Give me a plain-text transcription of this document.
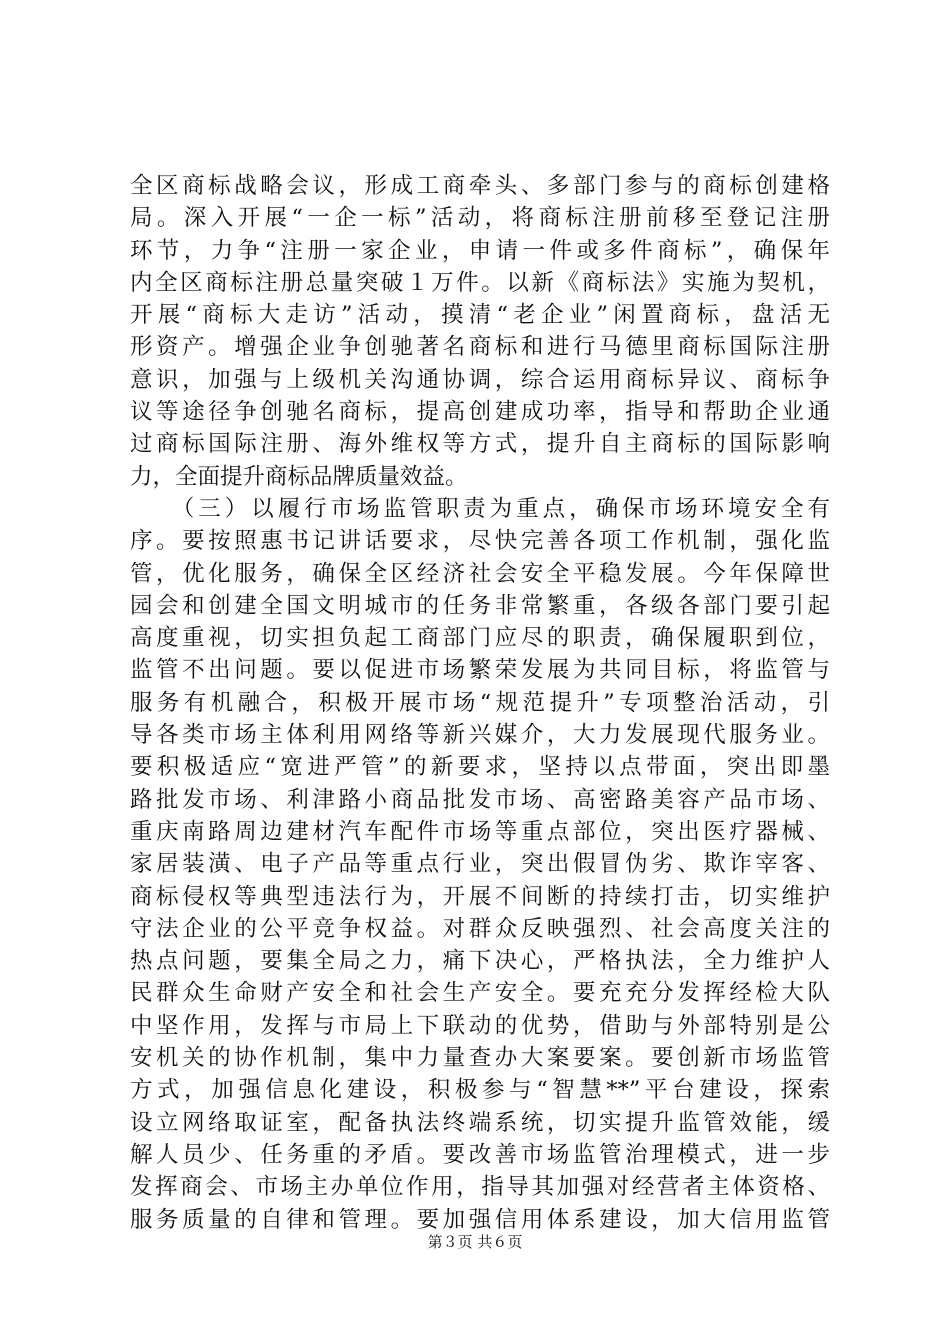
全区商标战略会议，形成工商牵头、多部门参与的商标创建格
局。深入开展“一企一标”活动，将商标注册前移至登记注册
环节，力争“注册一家企业，申请一件或多件商标”，确保年
内全区商标注册总量突破１万件。以新《商标法》实施为契机，
开展“商标大走访”活动，摸清“老企业”闲置商标，盘活无
形资产。增强企业争创驰著名商标和进行马德里商标国际注册
意识，加强与上级机关沟通协调，综合运用商标异议、商标争
议等途径争创驰名商标，提高创建成功率，指导和帮助企业通
过商标国际注册、海外维权等方式，提升自主商标的国际影响
力，全面提升商标品牌质量效益。
　　（三）以履行市场监管职责为重点，确保市场环境安全有
序。要按照惠书记讲话要求，尽快完善各项工作机制，强化监
管，优化服务，确保全区经济社会安全平稳发展。今年保障世
园会和创建全国文明城市的任务非常繁重，各级各部门要引起
高度重视，切实担负起工商部门应尽的职责，确保履职到位，
监管不出问题。要以促进市场繁荣发展为共同目标，将监管与
服务有机融合，积极开展市场“规范提升”专项整治活动，引
导各类市场主体利用网络等新兴媒介，大力发展现代服务业。
要积极适应“宽进严管”的新要求，坚持以点带面，突出即墨
路批发市场、利津路小商品批发市场、高密路美容产品市场、
重庆南路周边建材汽车配件市场等重点部位，突出医疗器械、
家居装潢、电子产品等重点行业，突出假冒伪劣、欺诈宰客、
商标侵权等典型违法行为，开展不间断的持续打击，切实维护
守法企业的公平竞争权益。对群众反映强烈、社会高度关注的
热点问题，要集全局之力，痛下决心，严格执法，全力维护人
民群众生命财产安全和社会生产安全。要充充分发挥经检大队
中坚作用，发挥与市局上下联动的优势，借助与外部特别是公
安机关的协作机制，集中力量查办大案要案。要创新市场监管
方式，加强信息化建设，积极参与“智慧**”平台建设，探索
设立网络取证室，配备执法终端系统，切实提升监管效能，缓
解人员少、任务重的矛盾。要改善市场监管治理模式，进一步
发挥商会、市场主办单位作用，指导其加强对经营者主体资格、
服务质量的自律和管理。要加强信用体系建设，加大信用监管
第３页 共６页
